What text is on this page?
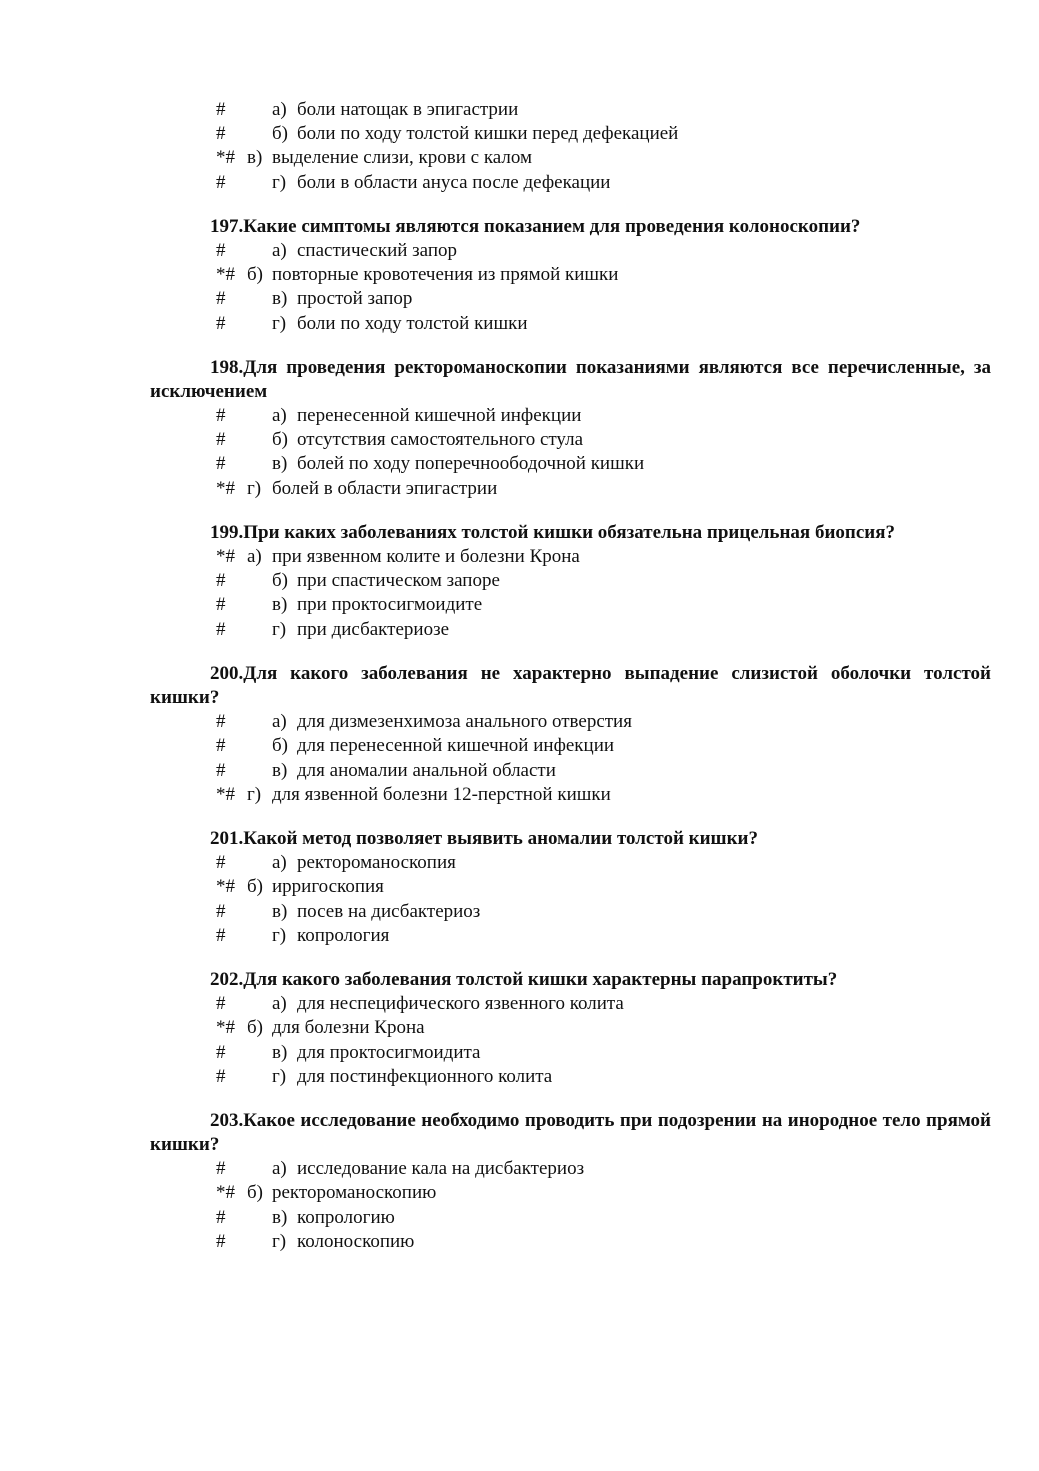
# а) боли натощак в эпигастрии
# б) боли по ходу толстой кишки перед дефекацией
*# в) выделение слизи, крови с калом
# г) боли в области ануса после дефекации
197.Какие симптомы являются показанием для проведения колоноскопии?
# а) спастический запор
*# б) повторные кровотечения из прямой кишки
# в) простой запор
# г) боли по ходу толстой кишки
198.Для проведения ректороманоскопии показаниями являются все перечисленные, за исключением
# а) перенесенной кишечной инфекции
# б) отсутствия самостоятельного стула
# в) болей по ходу поперечноободочной кишки
*# г) болей в области эпигастрии
199.При каких заболеваниях толстой кишки обязательна прицельная биопсия?
*# а) при язвенном колите и болезни Крона
# б) при спастическом запоре
# в) при проктосигмоидите
# г) при дисбактериозе
200.Для какого заболевания не характерно выпадение слизистой оболочки толстой кишки?
# а) для дизмезенхимоза анального отверстия
# б) для перенесенной кишечной инфекции
# в) для аномалии анальной области
*# г) для язвенной болезни 12-перстной кишки
201.Какой метод позволяет выявить аномалии толстой кишки?
# а) ректороманоскопия
*# б) ирригоскопия
# в) посев на дисбактериоз
# г) копрология
202.Для какого заболевания толстой кишки характерны парапроктиты?
# а) для неспецифического язвенного колита
*# б) для болезни Крона
# в) для проктосигмоидита
# г) для постинфекционного колита
203.Какое исследование необходимо проводить при подозрении на инородное тело прямой кишки?
# а) исследование кала на дисбактериоз
*# б) ректороманоскопию
# в) копрологию
# г) колоноскопию
